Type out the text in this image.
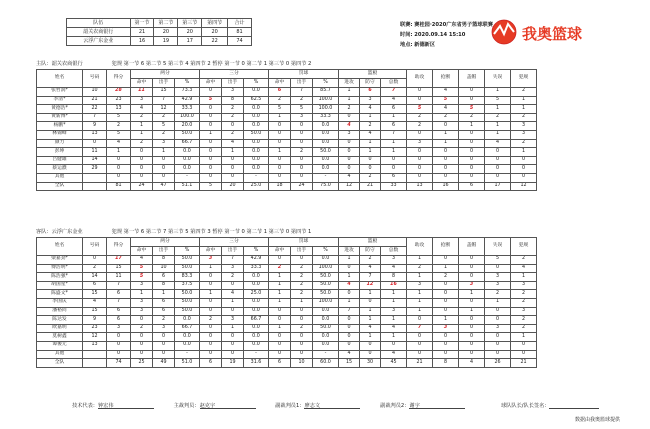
队伍	第一节	第二节	第三节	第四节	合计
韶关农商银行	21	20	20	20	81
云浮广东金业	16	19	17	22	74
联赛: 赛桂园·2020广东省男子篮球联赛
时间: 2020.09.14 15:10
地点: 新德新区
我奥篮球
主队：韶关农商银行	犯规 第一节 6 第二节 5 第三节 4 第四节 2 暂停 第一节 0 第二节 1 第三节 0 第四节 2
姓名	号码	得分	两分			三分			罚球			篮板			助攻	抢断	盖帽	失误	犯规
			命中	出手	%	命中	出手	%	命中	出手	%	进攻	防守	总数					
张哲润*	10	28	11	15	73.3	0	3	0.0	6	7	85.7	1	6	7	0	4	0	1	2
李清*	21	23	3	7	42.9	5	8	62.5	2	2	100.0	1	3	4	0	5	0	5	1
黄德浩*	22	13	4	12	33.3	0	2	0.0	5	5	100.0	2	4	6	5	4	5	1	1
黄新博*	7	5	2	2	100.0	0	2	0.0	1	3	33.3	0	1	1	2	2	2	2	2
杨鹏*	9	2	1	5	20.0	0	0	0.0	0	0	0.0	4	2	6	2	0	1	1	3
林锦峰	13	5	1	2	50.0	1	2	50.0	0	0	0.0	3	4	7	0	1	0	1	3
颜力	0	4	2	3	66.7	0	4	0.0	0	0	0.0	0	1	1	3	1	0	4	2
彭坤	11	1	0	1	0.0	0	1	0.0	1	2	50.0	0	1	1	0	0	0	0	1
吕健雄	14	0	0	0	0.0	0	0	0.0	0	0	0.0	0	0	0	0	0	0	0	0
蔡运濮	29	0	0	0	0.0	0	0	0.0	0	0	0.0	0	0	0	0	0	0	0	0
其他		0	0	0	-	0	0	-	0	0	-	4	2	6	0	0	0	0	0
全队		81	24	47	51.1	5	20	25.0	18	24	75.0	12	21	33	13	16	6	17	12
客队：云浮广东金业	犯规 第一节 6 第二节 7 第三节 5 第四节 3 暂停 第一节 0 第二节 1 第三节 0 第四节 1
姓名	号码	得分	两分			三分			罚球			篮板			助攻	抢断	盖帽	失误	犯规
			命中	出手	%	命中	出手	%	命中	出手	%	进攻	防守	总数					
梁嘉劲*	0	17	4	8	50.0	3	7	42.9	0	0	0.0	1	2	3	1	0	0	5	2
傅浩明*	2	15	5	10	50.0	1	3	33.3	2	2	100.0	0	4	4	2	1	0	0	4
陈浩强*	14	11	5	6	83.3	0	2	0.0	1	2	50.0	1	7	8	1	2	0	3	1
胡国星*	6	7	3	8	37.5	0	0	0.0	1	2	50.0	4	12	16	3	0	3	3	3
陈盛文*	15	6	1	1	50.0	1	4	25.0	1	2	50.0	0	1	1	1	0	1	2	2
李国庆	4	7	3	6	50.0	0	1	0.0	1	1	100.0	1	0	1	1	0	0	1	2
潘裕同	15	6	3	6	50.0	0	0	0.0	0	0	0.0	7	1	3	1	0	1	0	3
陈达发	9	6	0	2	0.0	2	3	66.7	0	0	0.0	0	1	1	0	1	0	0	2
欧嘉明	23	3	2	3	66.7	0	1	0.0	1	2	50.0	0	4	4	7	3	0	3	2
莫树鑫	12	0	0	0	0.0	0	0	0.0	0	0	0.0	0	1	1	0	0	0	0	1
谭俊元	13	0	0	0	0.0	0	0	0.0	0	0	0.0	0	0	0	0	0	0	0	0
其他		0	0	0	-	0	0	-	0	0	-	4	0	4	0	0	0	0	0
全队		74	25	49	51.0	6	19	31.6	6	10	60.0	15	30	45	21	8	4	26	21
技术代表：钟宏伟	主裁判员：赵克宇	副裁判员1：廖志文	副裁判员2：谢宇	球队队长/队长签名：
数据由我奥篮球提供
